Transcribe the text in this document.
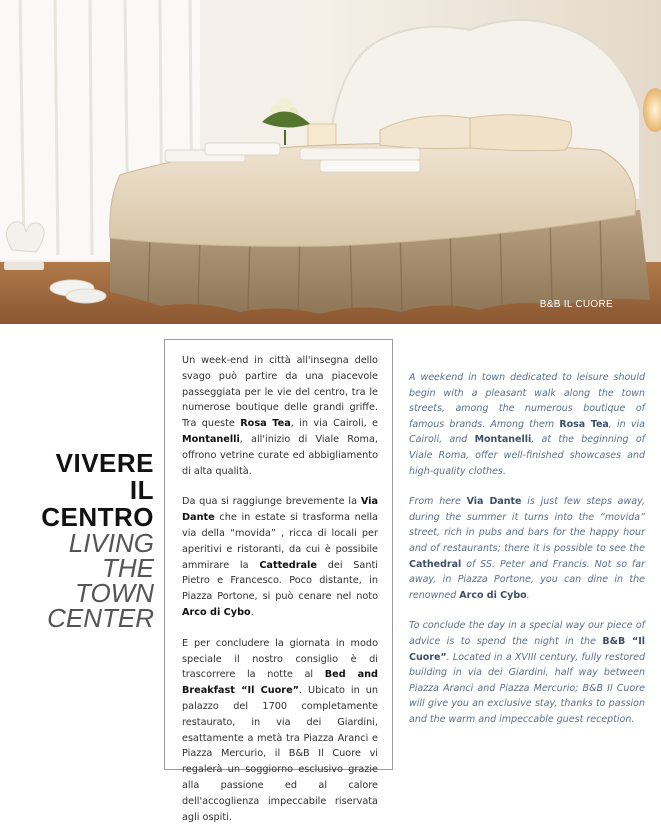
B&B IL CUORE
VIVERE
IL
CENTRO
LIVING
THE
TOWN
CENTER

Un week-end in città all'insegna dello svago può partire da una piacevole passeggiata per le vie del centro, tra le numerose boutique delle grandi griffe. Tra queste Rosa Tea, in via Cairoli, e Montanelli, all'inizio di Viale Roma, offrono vetrine curate ed abbigliamento di alta qualità.

Da qua si raggiunge brevemente la Via Dante che in estate si trasforma nella via della “movida” , ricca di locali per aperitivi e ristoranti, da cui è possibile ammirare la Cattedrale dei Santi Pietro e Francesco. Poco distante, in Piazza Portone, si può cenare nel noto Arco di Cybo.

E per concludere la giornata in modo speciale il nostro consiglio è di trascorrere la notte al Bed and Breakfast “Il Cuore”. Ubicato in un palazzo del 1700 completamente restaurato, in via dei Giardini, esattamente a metà tra Piazza Aranci e Piazza Mercurio, il B&B Il Cuore vi regalerà un soggiorno esclusivo grazie alla passione ed al calore dell'accoglienza impeccabile riservata agli ospiti.

A weekend in town dedicated to leisure should begin with a pleasant walk along the town streets, among the numerous boutique of famous brands. Among them Rosa Tea, in via Cairoli, and Montanelli, at the beginning of Viale Roma, offer well-finished showcases and high-quality clothes.

From here Via Dante is just few steps away, during the summer it turns into the “movida” street, rich in pubs and bars for the happy hour and of restaurants; there it is possible to see the Cathedral of SS. Peter and Francis. Not so far away, in Piazza Portone, you can dine in the renowned Arco di Cybo.

To conclude the day in a special way our piece of advice is to spend the night in the B&B “Il Cuore”. Located in a XVIII century, fully restored building in via dei Giardini, half way between Piazza Aranci and Piazza Mercurio; B&B Il Cuore will give you an exclusive stay, thanks to passion and the warm and impeccable guest reception.
